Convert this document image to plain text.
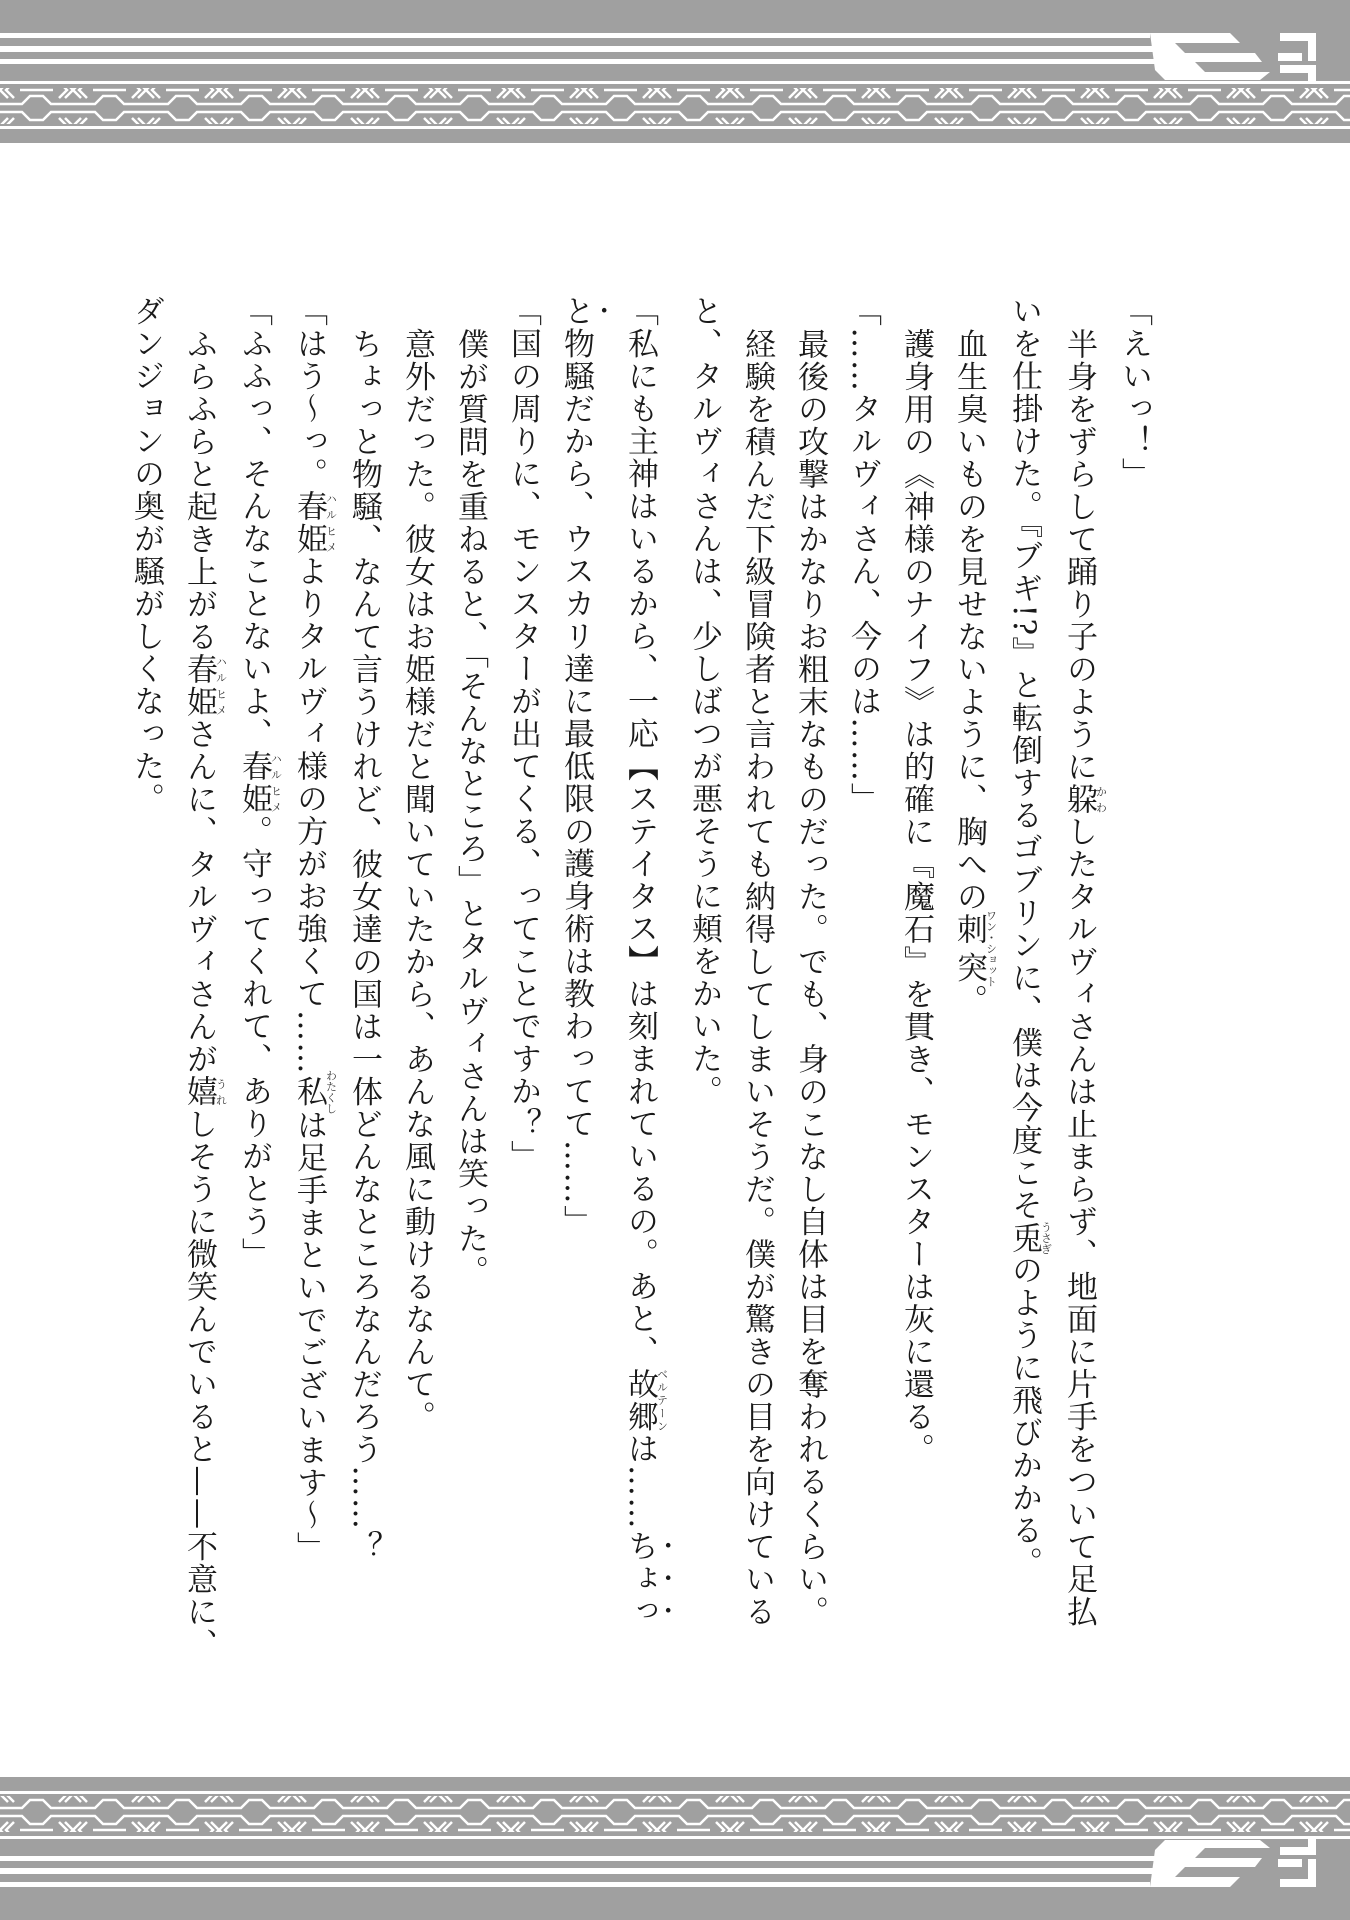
「えいっ！」
半身をずらして踊り子のように躱かわしたタルヴィさんは止まらず、地面に片手をついて足払
いを仕掛けた。『ブギ!?』と転倒するゴブリンに、僕は今度こそ兎うさぎのように飛びかかる。
血生臭いものを見せないように、胸への刺突ワン・ショット。
護身用の《神様のナイフ》は的確に『魔石』を貫き、モンスターは灰に還る。
「……タルヴィさん、今のは……」
最後の攻撃はかなりお粗末なものだった。でも、身のこなし自体は目を奪われるくらい。
経験を積んだ下級冒険者と言われても納得してしまいそうだ。僕が驚きの目を向けている
と、タルヴィさんは、少しばつが悪そうに頬をかいた。
「私にも主神はいるから、一応【ステイタス】は刻まれているの。あと、故郷ベルテーンは……ちょっ
と物騒だから、ウスカリ達に最低限の護身術は教わってて……」
「国の周りに、モンスターが出てくる、ってことですか？」
僕が質問を重ねると、「そんなところ」とタルヴィさんは笑った。
意外だった。彼女はお姫様だと聞いていたから、あんな風に動けるなんて。
ちょっと物騒、なんて言うけれど、彼女達の国は一体どんなところなんだろう……？
「はう〜っ。春姫ハルヒメよりタルヴィ様の方がお強くて……私わたくしは足手まといでございます〜」
「ふふっ、そんなことないよ、春姫ハルヒメ。守ってくれて、ありがとう」
ふらふらと起き上がる春姫ハルヒメさんに、タルヴィさんが嬉うれしそうに微笑んでいると——不意に、
ダンジョンの奥が騒がしくなった。
